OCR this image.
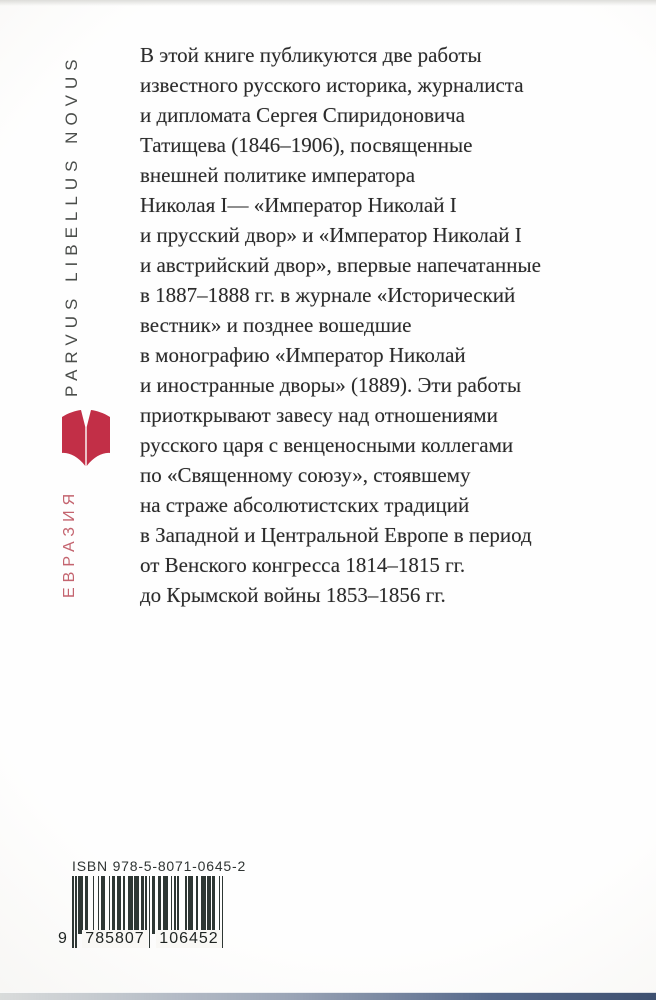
PARVUS LIBELLUS NOVUS
ЕВРАЗИЯ
В этой книге публикуются две работы
известного русского историка, журналиста
и дипломата Сергея Спиридоновича
Татищева (1846–1906), посвященные
внешней политике императора
Николая I— «Император Николай I
и прусский двор» и «Император Николай I
и австрийский двор», впервые напечатанные
в 1887–1888 гг. в журнале «Исторический
вестник» и позднее вошедшие
в монографию «Император Николай
и иностранные дворы» (1889). Эти работы
приоткрывают завесу над отношениями
русского царя с венценосными коллегами
по «Священному союзу», стоявшему
на страже абсолютистских традиций
в Западной и Центральной Европе в период
от Венского конгресса 1814–1815 гг.
до Крымской войны 1853–1856 гг.
ISBN 978-5-8071-0645-2
9 785807 106452
